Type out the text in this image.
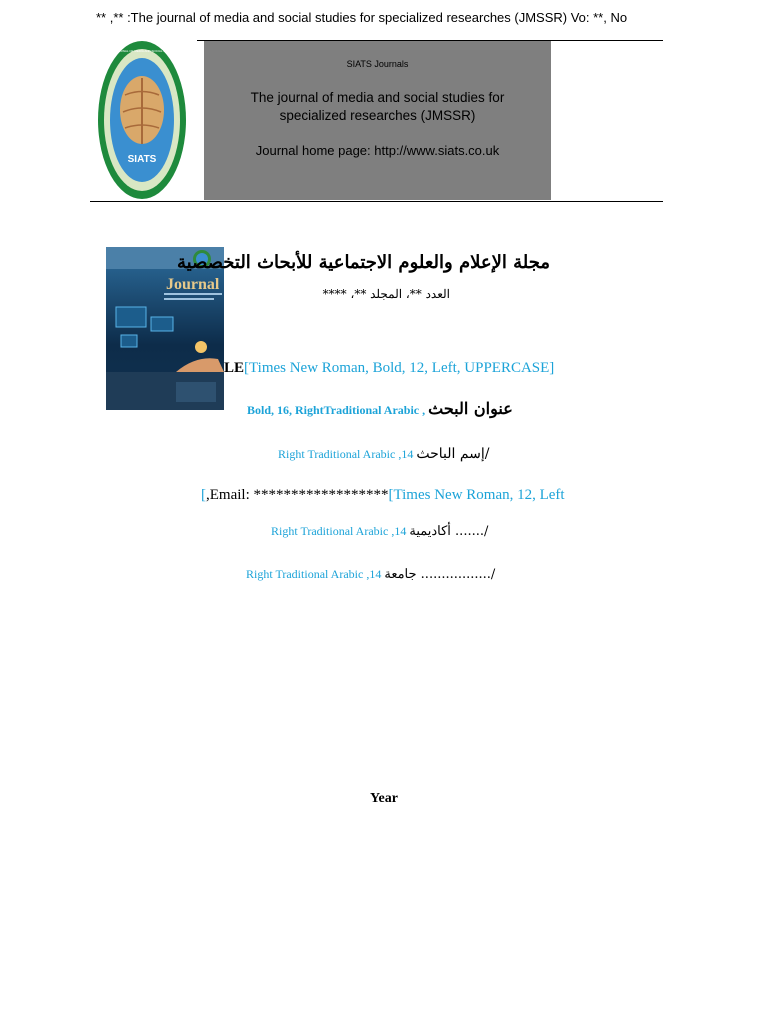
** ,** :The journal of media and social studies for specialized researches (JMSSR) Vo: **, No
SIATS
THE JOURNAL OF MEDIA AND SOCIAL STUDIES
SIATS Journals
The journal of media and social studies for specialized researches (JMSSR)
Journal home page: http://www.siats.co.uk
Journal
مجلة الإعلام والعلوم الاجتماعية للأبحاث التخصصية
العدد **، المجلد **، ****
LE[Times New Roman, Bold, 12, Left, UPPERCASE]
Bold, 16, RightTraditional Arabic , عنوان البحث
Right Traditional Arabic ,14 إسم الباحث/
[,Email: ******************[Times New Roman, 12, Left
Right Traditional Arabic ,14 أكاديمية ......./
Right Traditional Arabic ,14 جامعة ................./
Year
